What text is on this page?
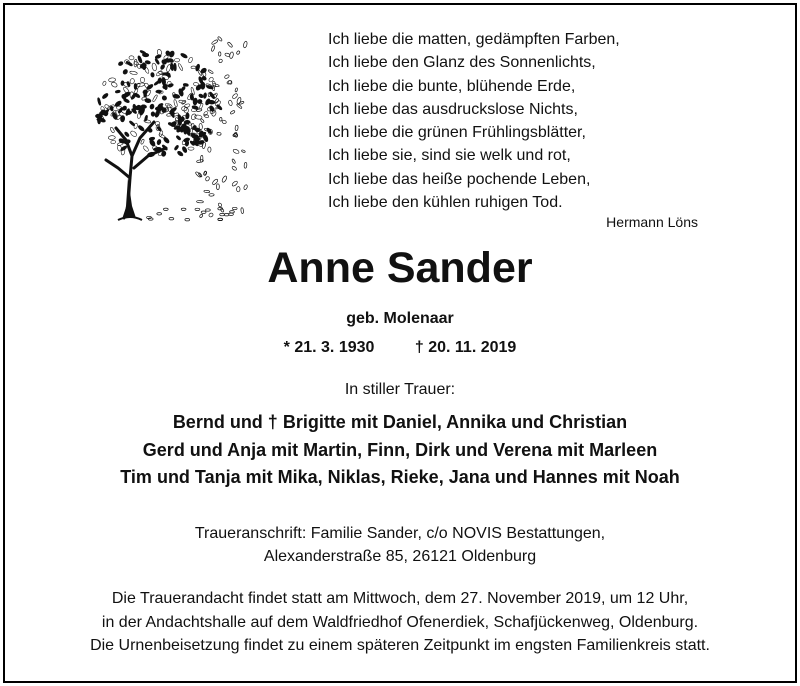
Ich liebe die matten, gedämpften Farben,
Ich liebe den Glanz des Sonnenlichts,
Ich liebe die bunte, blühende Erde,
Ich liebe das ausdruckslose Nichts,
Ich liebe die grünen Frühlingsblätter,
Ich liebe sie, sind sie welk und rot,
Ich liebe das heiße pochende Leben,
Ich liebe den kühlen ruhigen Tod.
Hermann Löns
Anne Sander
geb. Molenaar
* 21. 3. 1930	† 20. 11. 2019
In stiller Trauer:
Bernd und † Brigitte mit Daniel, Annika und Christian
Gerd und Anja mit Martin, Finn, Dirk und Verena mit Marleen
Tim und Tanja mit Mika, Niklas, Rieke, Jana und Hannes mit Noah
Traueranschrift: Familie Sander, c/o NOVIS Bestattungen,
Alexanderstraße 85, 26121 Oldenburg
Die Trauerandacht findet statt am Mittwoch, dem 27. November 2019, um 12 Uhr,
in der Andachtshalle auf dem Waldfriedhof Ofenerdiek, Schafjückenweg, Oldenburg.
Die Urnenbeisetzung findet zu einem späteren Zeitpunkt im engsten Familienkreis statt.
